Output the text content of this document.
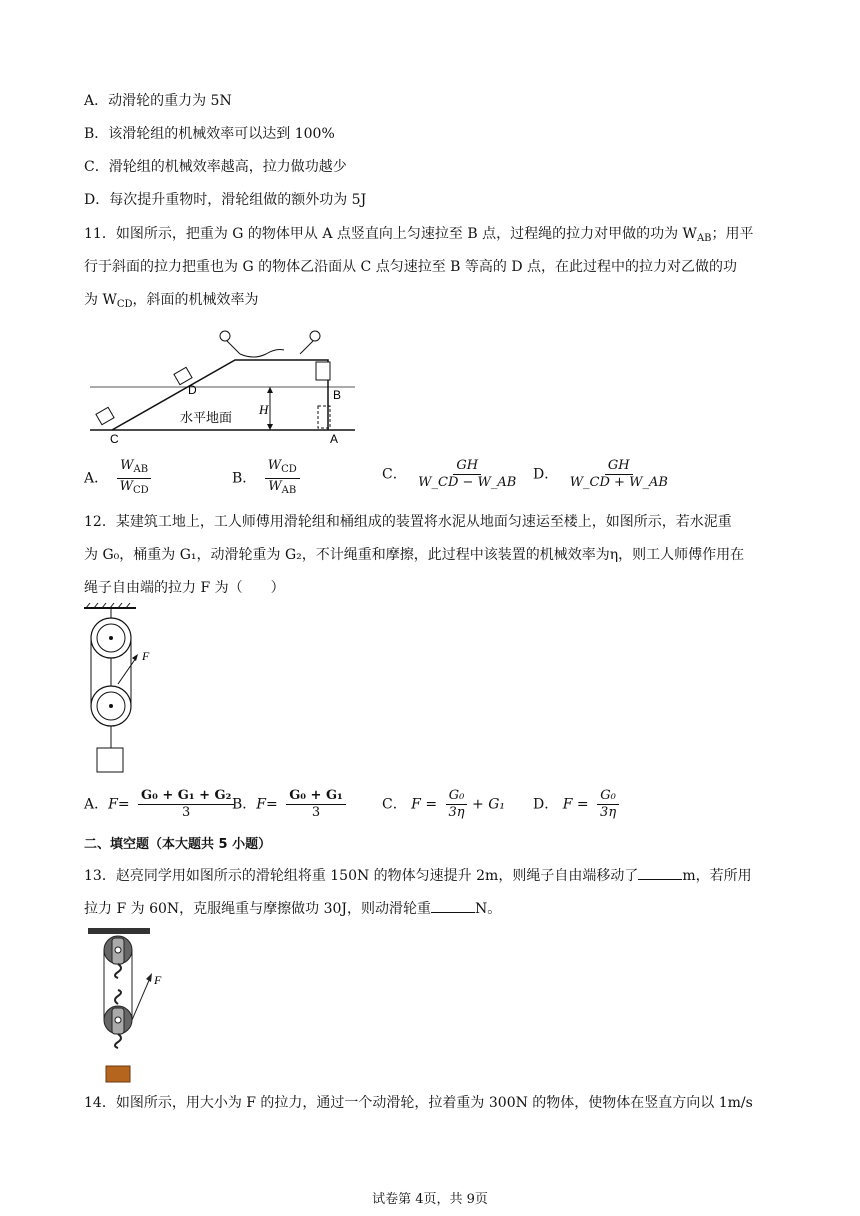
A．动滑轮的重力为 5N
B．该滑轮组的机械效率可以达到 100%
C．滑轮组的机械效率越高，拉力做功越少
D．每次提升重物时，滑轮组做的额外功为 5J
11．如图所示，把重为 G 的物体甲从 A 点竖直向上匀速拉至 B 点，过程绳的拉力对甲做的功为 $W_{AB}$；用平
行于斜面的拉力把重也为 G 的物体乙沿面从 C 点匀速拉至 B 等高的 D 点，在此过程中的拉力对乙做的功
为 $W_{CD}$，斜面的机械效率为
D
C	A
B
H
水平地面
A． $\frac{W_{AB}}{W_{CD}}$	B． $\frac{W_{CD}}{W_{AB}}$	C． $\frac{GH}{W\_CD - W\_AB}$ D． $\frac{GH}{W\_CD + W\_AB}$
12．某建筑工地上，工人师傅用滑轮组和桶组成的装置将水泥从地面匀速运至楼上，如图所示，若水泥重
为 G₀，桶重为 G₁，动滑轮重为 G₂，不计绳重和摩擦，此过程中该装置的机械效率为η，则工人师傅作用在
绳子自由端的拉力 F 为（　　）
F
A．$F= \frac{\text{G₀ + G₁ + G₂}}{3}$
B．$F= \frac{\text{G₀ + G₁}}{3}$	C． $F = \frac{\text{G₀}}{3\eta} + G_1$ D． $F = \frac{\text{G₀}}{3\eta}$
二、填空题（本大题共 5 小题）
13．赵亮同学用如图所示的滑轮组将重 150N 的物体匀速提升 2m，则绳子自由端移动了	m，若所用
拉力 F 为 60N，克服绳重与摩擦做功 30J，则动滑轮重	N。
F
14．如图所示，用大小为 F 的拉力，通过一个动滑轮，拉着重为 300N 的物体，使物体在竖直方向以 1m/s
试卷第 4页，共 9页
